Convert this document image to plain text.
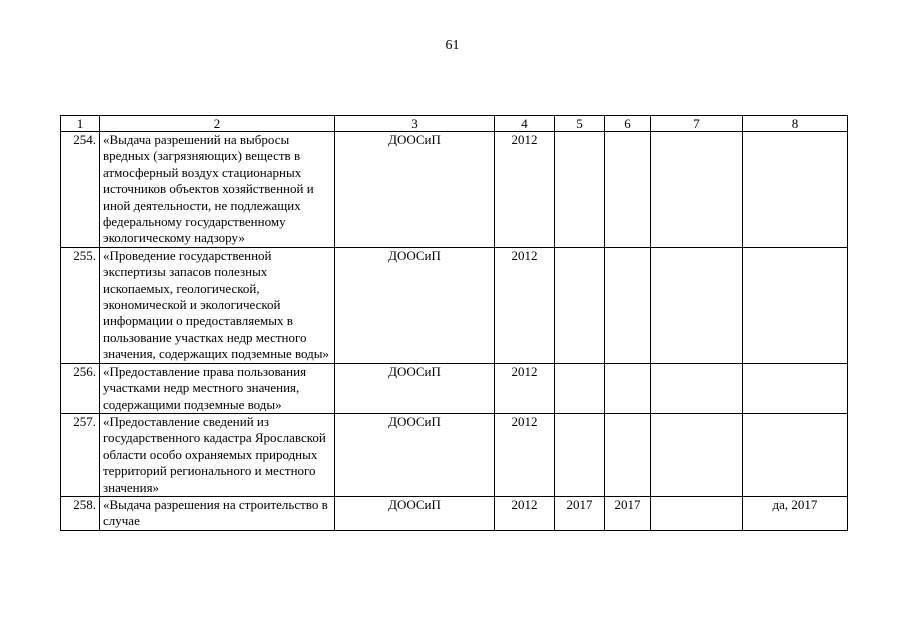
61
1	2	3	4	5	6	7	8
254.	«Выдача разрешений на выбросы вредных (загрязняющих) веществ в атмосферный воздух стационарных источников объектов хозяйственной и иной деятельности, не подлежащих федеральному государственному экологическому надзору»	ДООСиП	2012				
255.	«Проведение государственной экспертизы запасов полезных ископаемых, геологической, экономической и экологической информации о предоставляемых в пользование участках недр местного значения, содержащих подземные воды»	ДООСиП	2012				
256.	«Предоставление права пользования участками недр местного значения, содержащими подземные воды»	ДООСиП	2012				
257.	«Предоставление сведений из государственного кадастра Ярославской области особо охраняемых природных территорий регионального и местного значения»	ДООСиП	2012				
258.	«Выдача разрешения на строительство в случае	ДООСиП	2012	2017	2017		да, 2017
